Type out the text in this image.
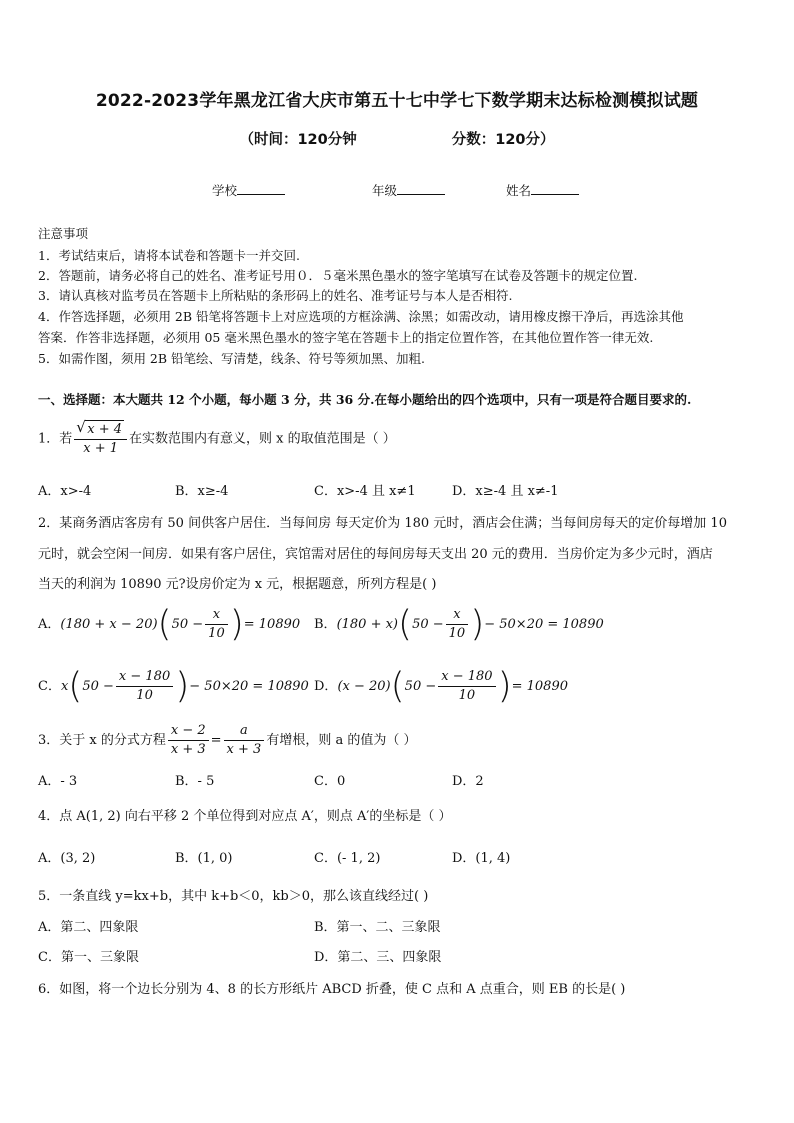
2022-2023学年黑龙江省大庆市第五十七中学七下数学期末达标检测模拟试题
（时间：120分钟	分数：120分）
学校	年级	姓名
注意事项
1．考试结束后，请将本试卷和答题卡一并交回.
2．答题前，请务必将自己的姓名、准考证号用０．５毫米黑色墨水的签字笔填写在试卷及答题卡的规定位置.
3．请认真核对监考员在答题卡上所粘贴的条形码上的姓名、准考证号与本人是否相符.
4．作答选择题，必须用 2B 铅笔将答题卡上对应选项的方框涂满、涂黑；如需改动，请用橡皮擦干净后，再选涂其他
答案．作答非选择题，必须用 05 毫米黑色墨水的签字笔在答题卡上的指定位置作答，在其他位置作答一律无效.
5．如需作图，须用 2B 铅笔绘、写清楚，线条、符号等须加黑、加粗.
一、选择题：本大题共 12 个小题，每小题 3 分，共 36 分.在每小题给出的四个选项中，只有一项是符合题目要求的.
1．若
√ $\frac{x + 4}{x + 1}$ 在实数范围内有意义，则 x 的取值范围是（ ）
A．x>-4	B．x≥-4	C．x>-4 且 x≠1	D．x≥-4 且 x≠-1
2．某商务酒店客房有 50 间供客户居住．当每间房 每天定价为 180 元时，酒店会住满；当每间房每天的定价每增加 10
元时，就会空闲一间房．如果有客户居住，宾馆需对居住的每间房每天支出 20 元的费用．当房价定为多少元时，酒店
当天的利润为 10890 元?设房价定为 x 元，根据题意，所列方程是( )
A．$(180 + x - 20)(50 - \frac{x}{10}$ )= 10890 B．$(180 + x)(50 - \frac{x}{10}$ )− 50×20 = 10890
C．$x(50 - \frac{x - 180}{10}$ )− 50×20 = 10890 D．$(x - 20)(50 - \frac{x - 180}{10}$ )= 10890
3．关于 x 的分式方程 $\frac{x - 2}{x + 3} = \frac{a}{x + 3}$ 有增根，则 a 的值为（ ）
A．- 3	B．- 5	C．0	D．2
4．点 A(1, 2) 向右平移 2 个单位得到对应点 A′，则点 A′的坐标是（ ）
A．(3, 2)	B．(1, 0)	C．(- 1, 2)	D．(1, 4)
5．一条直线 y=kx+b，其中 k+b＜0，kb＞0，那么该直线经过( )
A．第二、四象限	B．第一、二、三象限
C．第一、三象限	D．第二、三、四象限
6．如图，将一个边长分别为 4、8 的长方形纸片 ABCD 折叠，使 C 点和 A 点重合，则 EB 的长是( )
